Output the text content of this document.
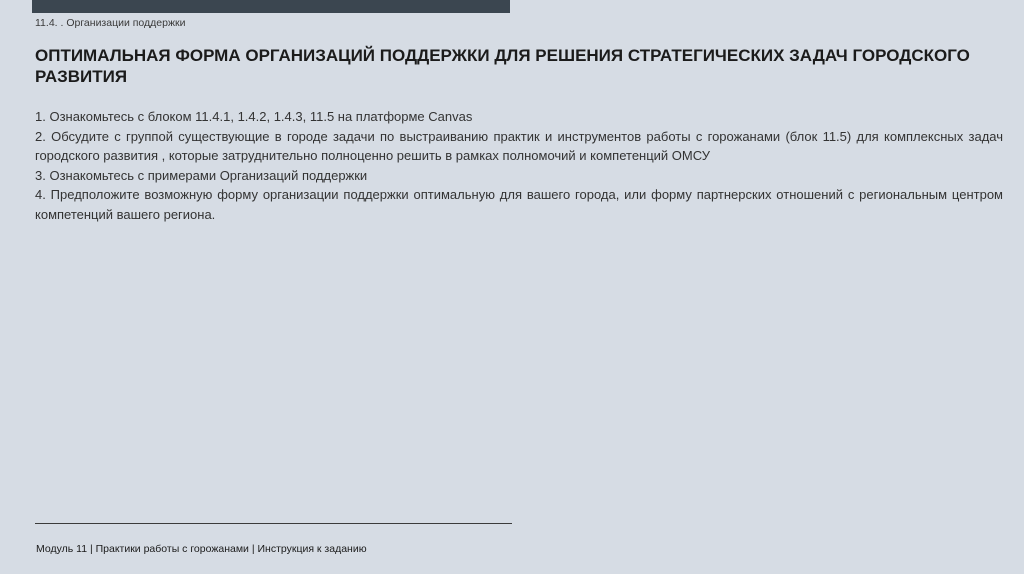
11.4. . Организации поддержки
ОПТИМАЛЬНАЯ ФОРМА ОРГАНИЗАЦИЙ ПОДДЕРЖКИ ДЛЯ РЕШЕНИЯ СТРАТЕГИЧЕСКИХ ЗАДАЧ ГОРОДСКОГО РАЗВИТИЯ

1. Ознакомьтесь с блоком 11.4.1, 1.4.2, 1.4.3, 11.5 на платформе Canvas

2. Обсудите с группой существующие в городе задачи по выстраиванию практик и инструментов работы с горожанами (блок 11.5) для комплексных задач городского развития , которые затруднительно полноценно решить в рамках полномочий и компетенций ОМСУ

3. Ознакомьтесь с примерами Организаций поддержки

4. Предположите возможную форму организации поддержки оптимальную для вашего города, или форму партнерских отношений с региональным центром компетенций вашего региона.

Модуль 11 | Практики работы с горожанами | Инструкция к заданию
